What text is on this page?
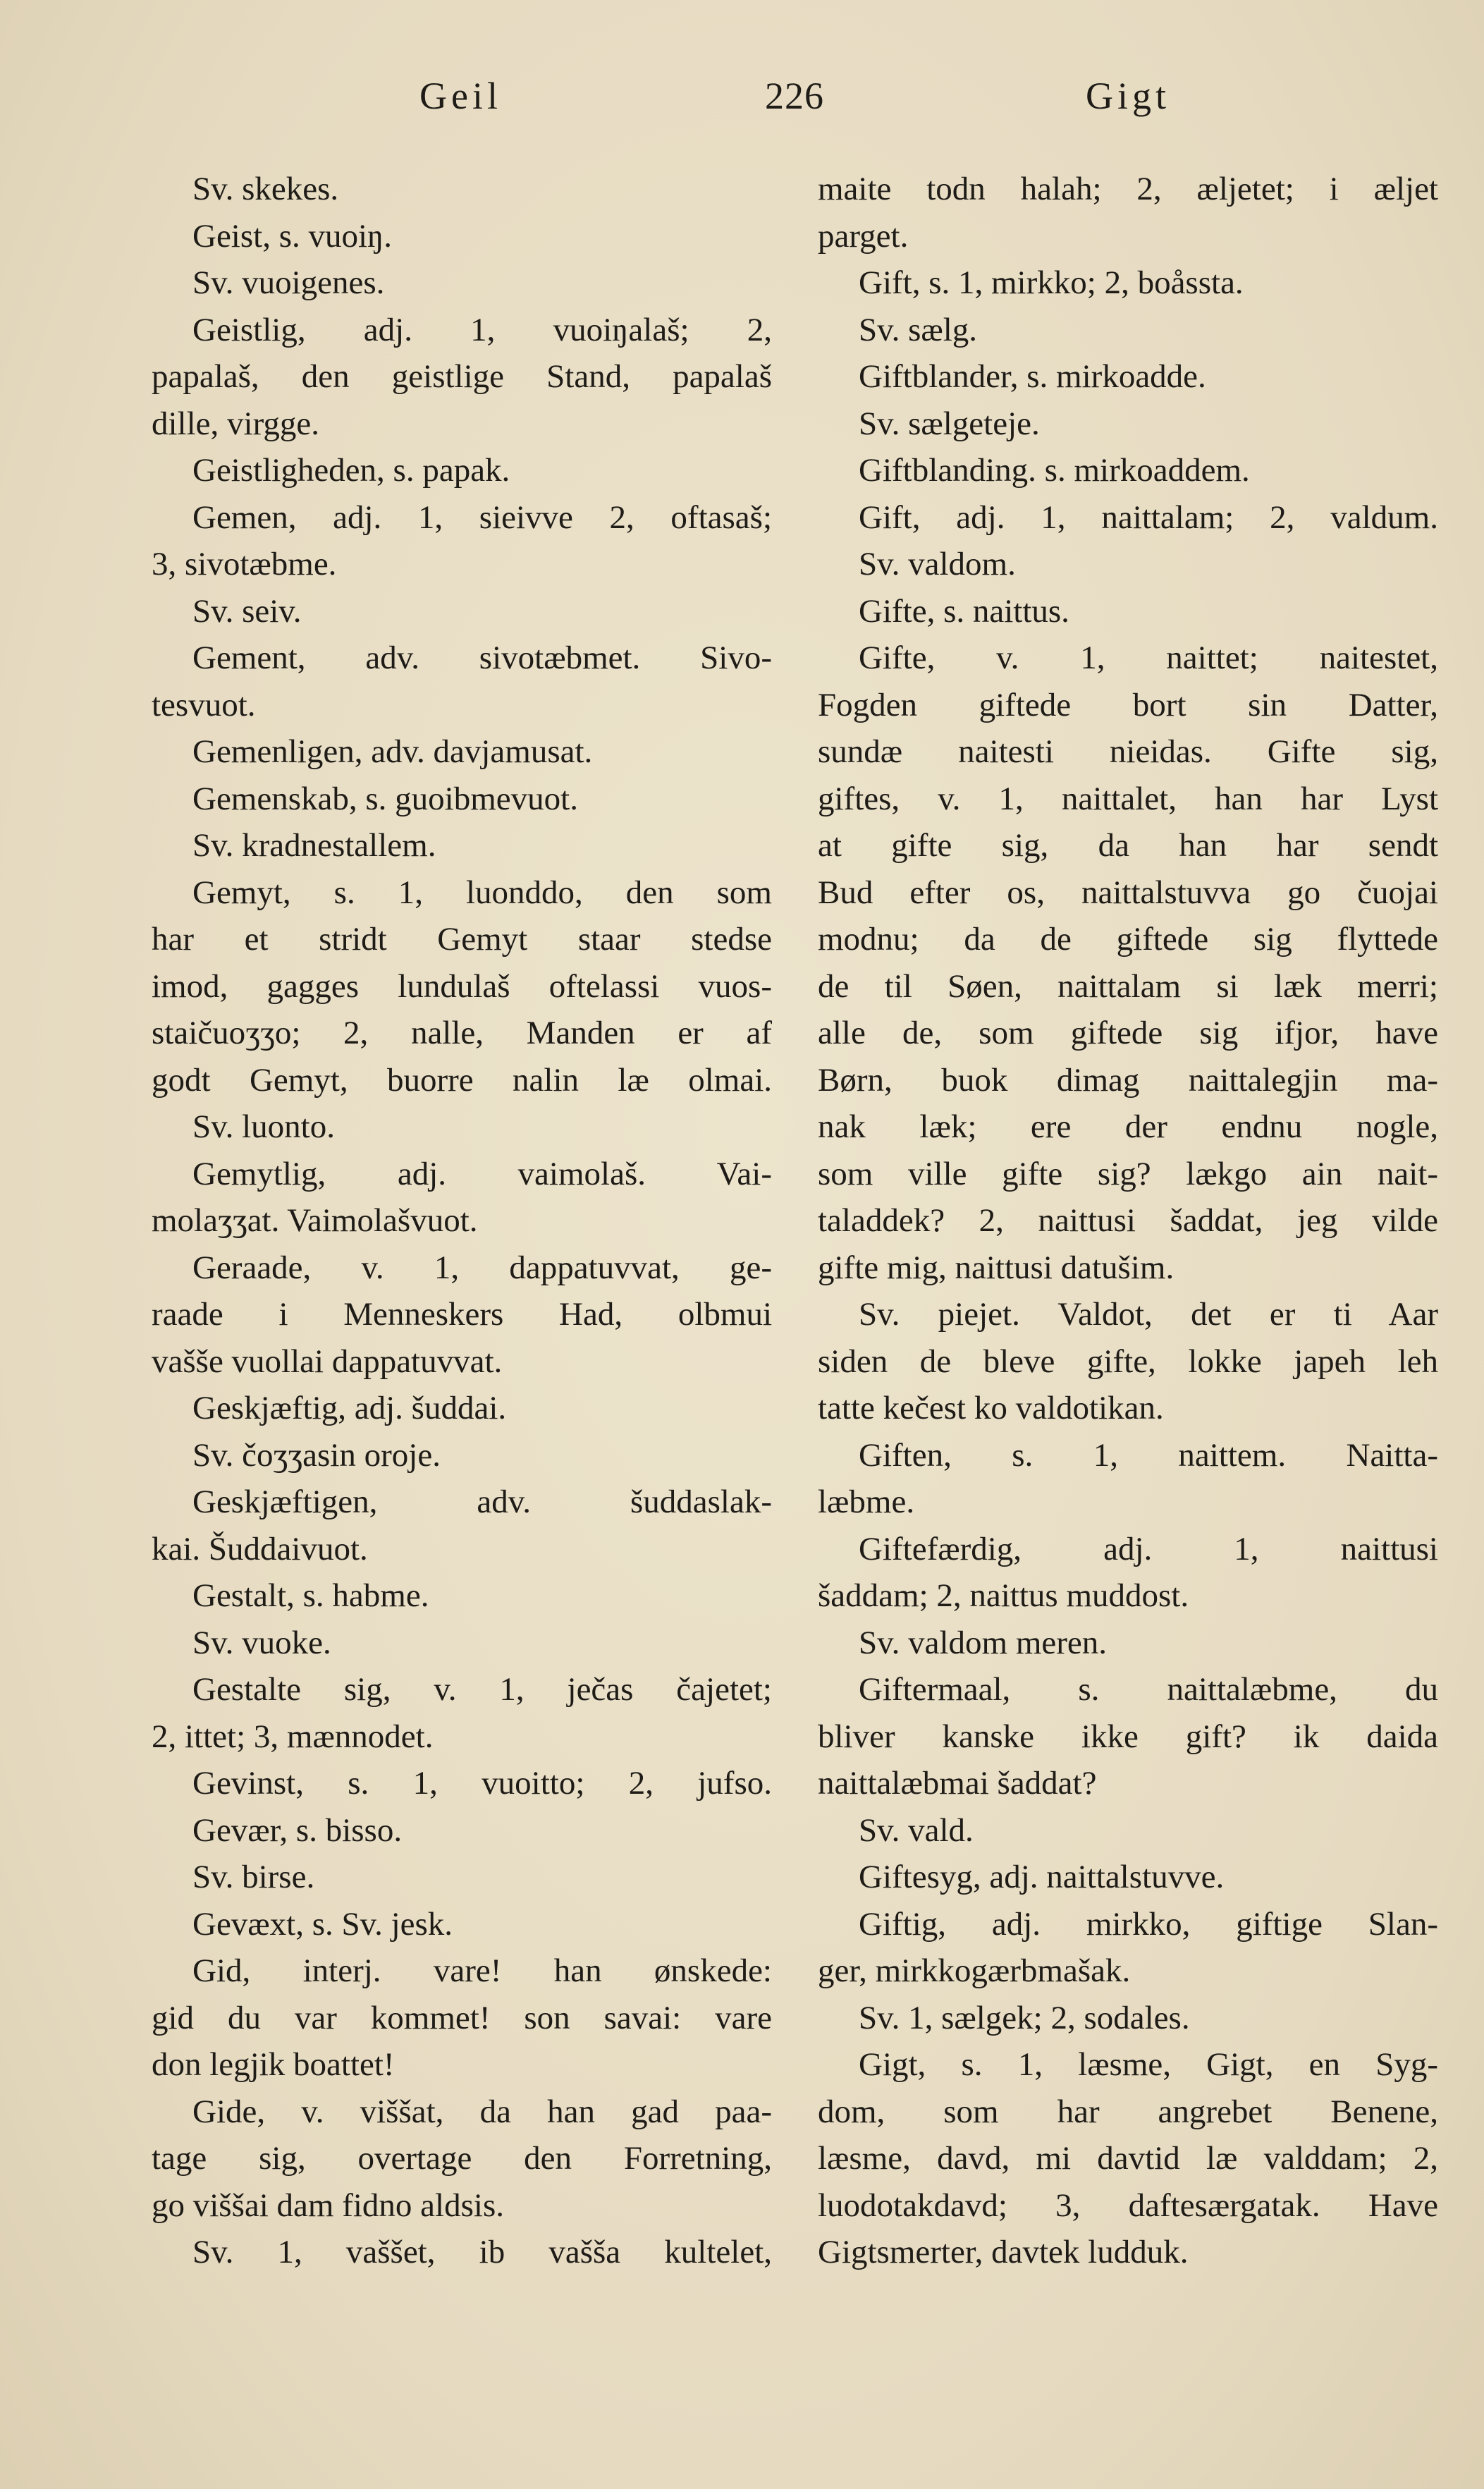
Geil	226	Gigt
Sv. skekes.
Geist, s. vuoiŋ.
Sv. vuoigenes.
Geistlig, adj. 1, vuoiŋalaš; 2,
papalaš, den geistlige Stand, papalaš
dille, virgge.
Geistligheden, s. papak.
Gemen, adj. 1, sieivve 2, oftasaš;
3, sivotæbme.
Sv. seiv.
Gement, adv. sivotæbmet. Sivo-
tesvuot.
Gemenligen, adv. davjamusat.
Gemenskab, s. guoibmevuot.
Sv. kradnestallem.
Gemyt, s. 1, luonddo, den som
har et stridt Gemyt staar stedse
imod, gagges lundulaš oftelassi vuos-
staičuoʒʒo; 2, nalle, Manden er af
godt Gemyt, buorre nalin læ olmai.
Sv. luonto.
Gemytlig, adj. vaimolaš. Vai-
molaʒʒat. Vaimolašvuot.
Geraade, v. 1, dappatuvvat, ge-
raade i Menneskers Had, olbmui
vašše vuollai dappatuvvat.
Geskjæftig, adj. šuddai.
Sv. čoʒʒasin oroje.
Geskjæftigen, adv. šuddaslak-
kai. Šuddaivuot.
Gestalt, s. habme.
Sv. vuoke.
Gestalte sig, v. 1, ječas čajetet;
2, ittet; 3, mænnodet.
Gevinst, s. 1, vuoitto; 2, jufso.
Gevær, s. bisso.
Sv. birse.
Gevæxt, s. Sv. jesk.
Gid, interj. vare! han ønskede:
gid du var kommet! son savai: vare
don legjik boattet!
Gide, v. viššat, da han gad paa-
tage sig, overtage den Forretning,
go viššai dam fidno aldsis.
Sv. 1, vaššet, ib vašša kultelet,
maite todn halah; 2, æljetet; i æljet
parget.
Gift, s. 1, mirkko; 2, boåssta.
Sv. sælg.
Giftblander, s. mirkoadde.
Sv. sælgeteje.
Giftblanding. s. mirkoaddem.
Gift, adj. 1, naittalam; 2, valdum.
Sv. valdom.
Gifte, s. naittus.
Gifte, v. 1, naittet; naitestet,
Fogden giftede bort sin Datter,
sundæ naitesti nieidas. Gifte sig,
giftes, v. 1, naittalet, han har Lyst
at gifte sig, da han har sendt
Bud efter os, naittalstuvva go čuojai
modnu; da de giftede sig flyttede
de til Søen, naittalam si læk merri;
alle de, som giftede sig ifjor, have
Børn, buok dimag naittalegjin ma-
nak læk; ere der endnu nogle,
som ville gifte sig? lækgo ain nait-
taladdek? 2, naittusi šaddat, jeg vilde
gifte mig, naittusi datušim.
Sv. piejet. Valdot, det er ti Aar
siden de bleve gifte, lokke japeh leh
tatte kečest ko valdotikan.
Giften, s. 1, naittem. Naitta-
læbme.
Giftefærdig, adj. 1, naittusi
šaddam; 2, naittus muddost.
Sv. valdom meren.
Giftermaal, s. naittalæbme, du
bliver kanske ikke gift? ik daida
naittalæbmai šaddat?
Sv. vald.
Giftesyg, adj. naittalstuvve.
Giftig, adj. mirkko, giftige Slan-
ger, mirkkogærbmašak.
Sv. 1, sælgek; 2, sodales.
Gigt, s. 1, læsme, Gigt, en Syg-
dom, som har angrebet Benene,
læsme, davd, mi davtid læ valddam; 2,
luodotakdavd; 3, daftesærgatak. Have
Gigtsmerter, davtek ludduk.
